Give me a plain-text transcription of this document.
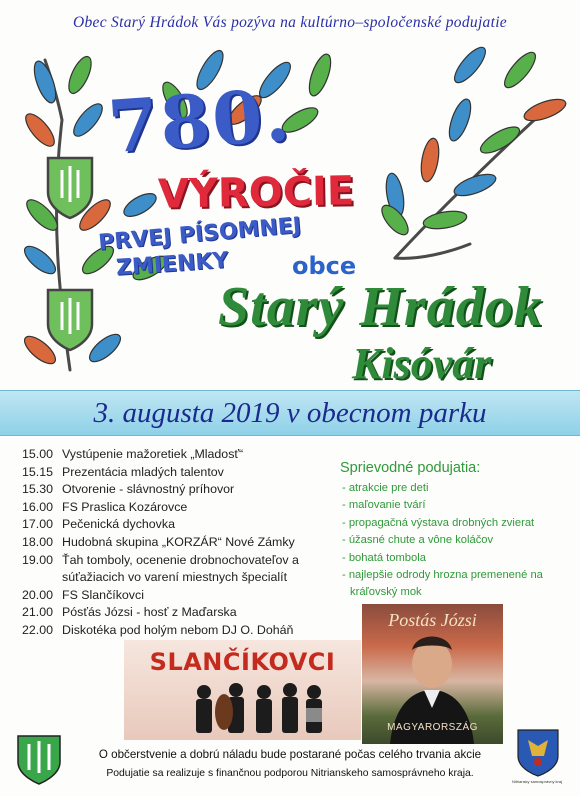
Obec Starý Hrádok Vás pozýva na kultúrno–spoločenské podujatie
780.
VÝROČIE
PRVEJ PÍSOMNEJ
ZMIENKY	obce
Starý Hrádok
Kisóvár
3. augusta 2019 v obecnom parku
15.00 Vystúpenie mažoretiek „Mladosť“
15.15 Prezentácia mladých talentov
15.30 Otvorenie - slávnostný príhovor
16.00 FS Praslica Kozárovce
17.00 Pečenická dychovka
18.00 Hudobná skupina „KORZÁR“ Nové Zámky
19.00 Ťah tomboly, ocenenie drobnochovateľov a súťažiacich vo varení miestnych špecialít
20.00 FS Slančíkovci
21.00 Pósťás Józsi - hosť z Maďarska
22.00 Diskotéka pod holým nebom DJ O. Doháň
Sprievodné podujatia:
- atrakcie pre deti
- maľovanie tvárí
- propagačná výstava drobných zvierat
- úžasné chute a vône koláčov
- bohatá tombola
- najlepšie odrody hrozna premenené na kráľovský mok
SLANČÍKOVCI
Postás Józsi
MAGYARORSZÁG
Nitriansky samosprávny kraj
O občerstvenie a dobrú náladu bude postarané počas celého trvania akcie
Podujatie sa realizuje s finančnou podporou Nitrianskeho samosprávneho kraja.
